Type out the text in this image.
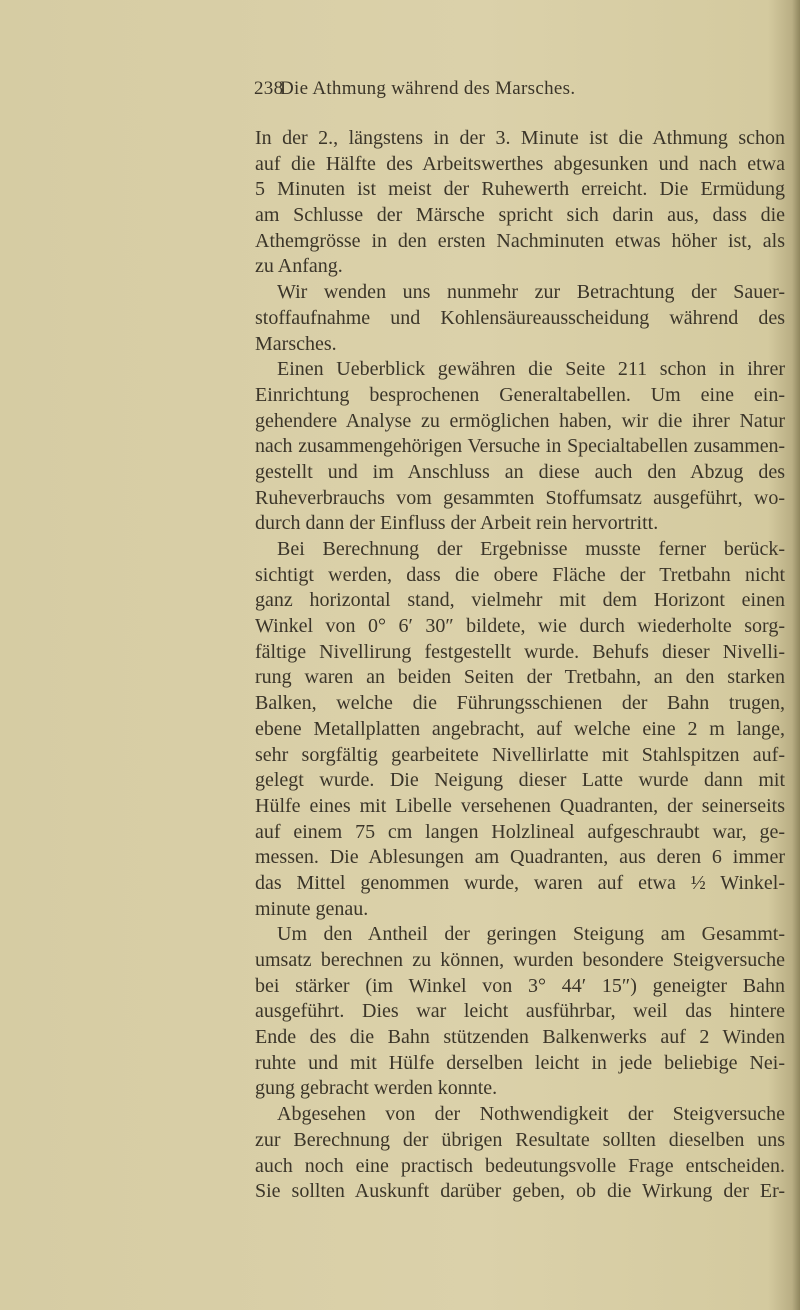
238
Die Athmung während des Marsches.
In der 2., längstens in der 3. Minute ist die Athmung schon
auf die Hälfte des Arbeitswerthes abgesunken und nach etwa
5 Minuten ist meist der Ruhewerth erreicht. Die Ermüdung
am Schlusse der Märsche spricht sich darin aus, dass die
Athemgrösse in den ersten Nachminuten etwas höher ist, als
zu Anfang.
Wir wenden uns nunmehr zur Betrachtung der Sauer-
stoffaufnahme und Kohlensäureausscheidung während des
Marsches.
Einen Ueberblick gewähren die Seite 211 schon in ihrer
Einrichtung besprochenen Generaltabellen. Um eine ein-
gehendere Analyse zu ermöglichen haben, wir die ihrer Natur
nach zusammengehörigen Versuche in Specialtabellen zusammen-
gestellt und im Anschluss an diese auch den Abzug des
Ruheverbrauchs vom gesammten Stoffumsatz ausgeführt, wo-
durch dann der Einfluss der Arbeit rein hervortritt.
Bei Berechnung der Ergebnisse musste ferner berück-
sichtigt werden, dass die obere Fläche der Tretbahn nicht
ganz horizontal stand, vielmehr mit dem Horizont einen
Winkel von 0° 6′ 30″ bildete, wie durch wiederholte sorg-
fältige Nivellirung festgestellt wurde. Behufs dieser Nivelli-
rung waren an beiden Seiten der Tretbahn, an den starken
Balken, welche die Führungsschienen der Bahn trugen,
ebene Metallplatten angebracht, auf welche eine 2 m lange,
sehr sorgfältig gearbeitete Nivellirlatte mit Stahlspitzen auf-
gelegt wurde. Die Neigung dieser Latte wurde dann mit
Hülfe eines mit Libelle versehenen Quadranten, der seinerseits
auf einem 75 cm langen Holzlineal aufgeschraubt war, ge-
messen. Die Ablesungen am Quadranten, aus deren 6 immer
das Mittel genommen wurde, waren auf etwa ½ Winkel-
minute genau.
Um den Antheil der geringen Steigung am Gesammt-
umsatz berechnen zu können, wurden besondere Steigversuche
bei stärker (im Winkel von 3° 44′ 15″) geneigter Bahn
ausgeführt. Dies war leicht ausführbar, weil das hintere
Ende des die Bahn stützenden Balkenwerks auf 2 Winden
ruhte und mit Hülfe derselben leicht in jede beliebige Nei-
gung gebracht werden konnte.
Abgesehen von der Nothwendigkeit der Steigversuche
zur Berechnung der übrigen Resultate sollten dieselben uns
auch noch eine practisch bedeutungsvolle Frage entscheiden.
Sie sollten Auskunft darüber geben, ob die Wirkung der Er-
